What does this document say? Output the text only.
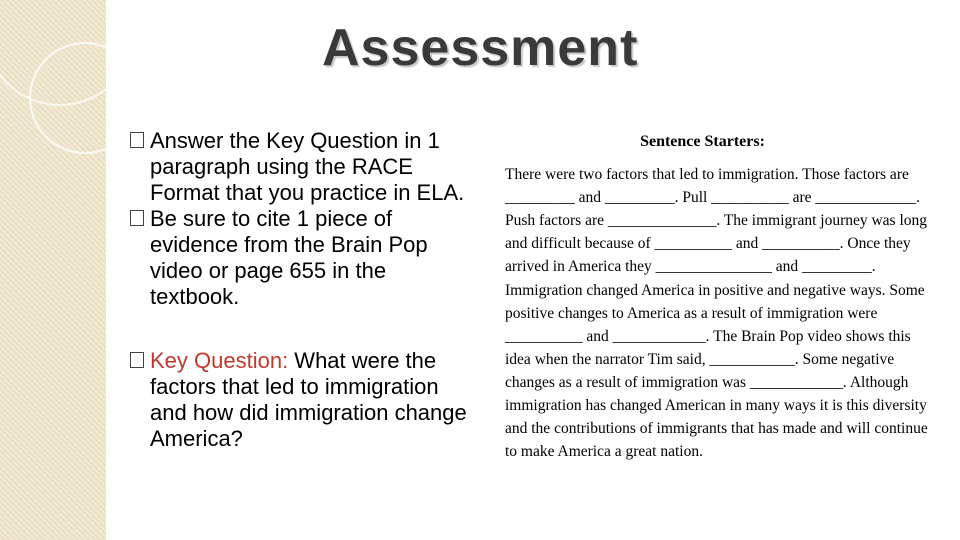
Assessment
Answer the Key Question in 1 paragraph using the RACE Format that you practice in ELA.
Be sure to cite 1 piece of evidence from the Brain Pop video or page 655 in the textbook.
Key Question: What were the factors that led to immigration and how did immigration change America?
Sentence Starters:
There were two factors that led to immigration. Those factors are _________ and _________. Pull __________ are _____________. Push factors are ______________. The immigrant journey was long and difficult because of __________ and __________. Once they arrived in America they _______________ and _________. Immigration changed America in positive and negative ways. Some positive changes to America as a result of immigration were __________ and ____________. The Brain Pop video shows this idea when the narrator Tim said, ___________. Some negative changes as a result of immigration was ____________. Although immigration has changed American in many ways it is this diversity and the contributions of immigrants that has made and will continue to make America a great nation.
